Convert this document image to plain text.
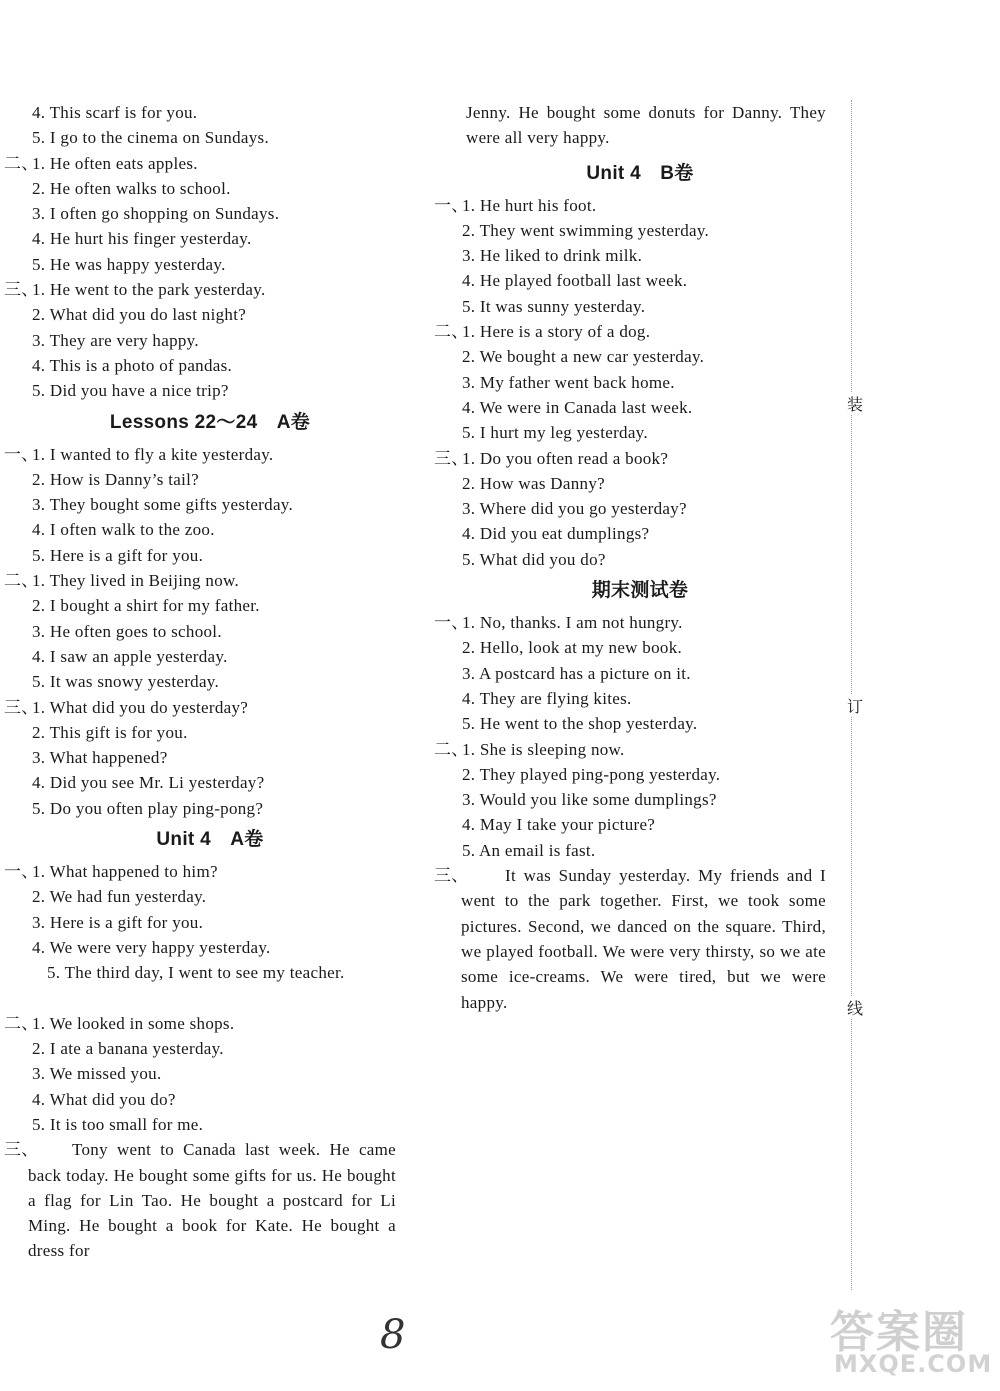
4. This scarf is for you.
5. I go to the cinema on Sundays.
二、
1. He often eats apples.
2. He often walks to school.
3. I often go shopping on Sundays.
4. He hurt his finger yesterday.
5. He was happy yesterday.
三、
1. He went to the park yesterday.
2. What did you do last night?
3. They are very happy.
4. This is a photo of pandas.
5. Did you have a nice trip?
Lessons 22～24　A卷
一、
1. I wanted to fly a kite yesterday.
2. How is Danny’s tail?
3. They bought some gifts yesterday.
4. I often walk to the zoo.
5. Here is a gift for you.
二、
1. They lived in Beijing now.
2. I bought a shirt for my father.
3. He often goes to school.
4. I saw an apple yesterday.
5. It was snowy yesterday.
三、
1. What did you do yesterday?
2. This gift is for you.
3. What happened?
4. Did you see Mr. Li yesterday?
5. Do you often play ping-pong?
Unit 4　A卷
一、
1. What happened to him?
2. We had fun yesterday.
3. Here is a gift for you.
4. We were very happy yesterday.
5. The third day, I went to see my teacher.
二、
1. We looked in some shops.
2. I ate a banana yesterday.
3. We missed you.
4. What did you do?
5. It is too small for me.
三、	Tony went to Canada last week. He came back today. He bought some gifts for us. He bought a flag for Lin Tao. He bought a postcard for Li Ming. He bought a book for Kate. He bought a dress for
Jenny. He bought some donuts for Danny. They were all very happy.
Unit 4　B卷
一、
1. He hurt his foot.
2. They went swimming yesterday.
3. He liked to drink milk.
4. He played football last week.
5. It was sunny yesterday.
二、
1. Here is a story of a dog.
2. We bought a new car yesterday.
3. My father went back home.
4. We were in Canada last week.
5. I hurt my leg yesterday.
三、
1. Do you often read a book?
2. How was Danny?
3. Where did you go yesterday?
4. Did you eat dumplings?
5. What did you do?
期末测试卷
一、
1. No, thanks. I am not hungry.
2. Hello, look at my new book.
3. A postcard has a picture on it.
4. They are flying kites.
5. He went to the shop yesterday.
二、
1. She is sleeping now.
2. They played ping-pong yesterday.
3. Would you like some dumplings?
4. May I take your picture?
5. An email is fast.
三、	It was Sunday yesterday. My friends and I went to the park together. First, we took some pictures. Second, we danced on the square. Third, we played football. We were very thirsty, so we ate some ice-creams. We were tired, but we were happy.
装
订
线
8	答案圈
MXQE.COM
